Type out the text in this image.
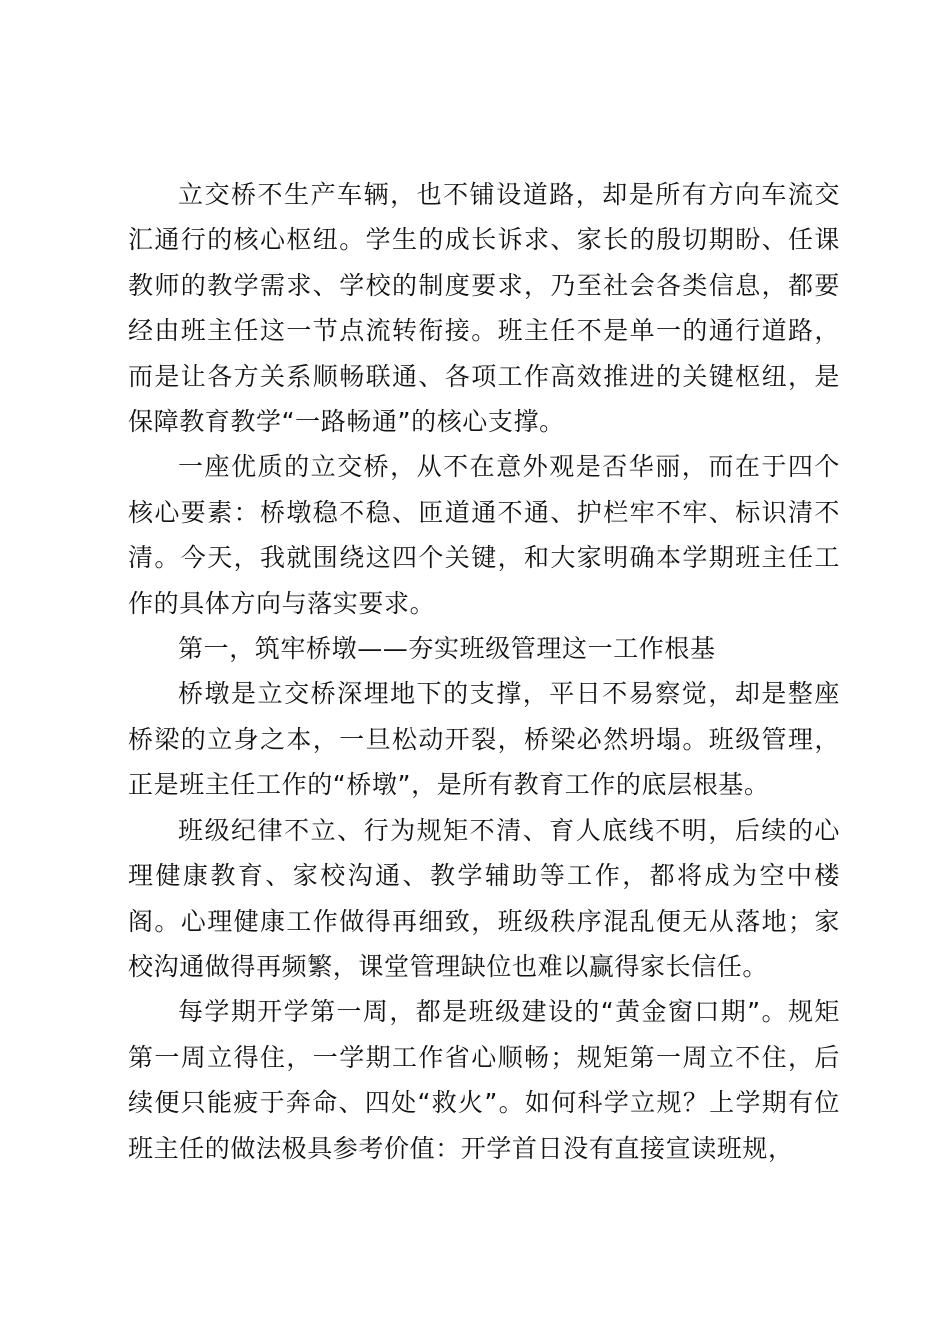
立交桥不生产车辆，也不铺设道路，却是所有方向车流交汇通行的核心枢纽。学生的成长诉求、家长的殷切期盼、任课教师的教学需求、学校的制度要求，乃至社会各类信息，都要经由班主任这一节点流转衔接。班主任不是单一的通行道路，而是让各方关系顺畅联通、各项工作高效推进的关键枢纽，是保障教育教学“一路畅通”的核心支撑。

一座优质的立交桥，从不在意外观是否华丽，而在于四个核心要素：桥墩稳不稳、匝道通不通、护栏牢不牢、标识清不清。今天，我就围绕这四个关键，和大家明确本学期班主任工作的具体方向与落实要求。

第一，筑牢桥墩——夯实班级管理这一工作根基

桥墩是立交桥深埋地下的支撑，平日不易察觉，却是整座桥梁的立身之本，一旦松动开裂，桥梁必然坍塌。班级管理，正是班主任工作的“桥墩”，是所有教育工作的底层根基。

班级纪律不立、行为规矩不清、育人底线不明，后续的心理健康教育、家校沟通、教学辅助等工作，都将成为空中楼阁。心理健康工作做得再细致，班级秩序混乱便无从落地；家校沟通做得再频繁，课堂管理缺位也难以赢得家长信任。

每学期开学第一周，都是班级建设的“黄金窗口期”。规矩第一周立得住，一学期工作省心顺畅；规矩第一周立不住，后续便只能疲于奔命、四处“救火”。如何科学立规？上学期有位班主任的做法极具参考价值：开学首日没有直接宣读班规，
